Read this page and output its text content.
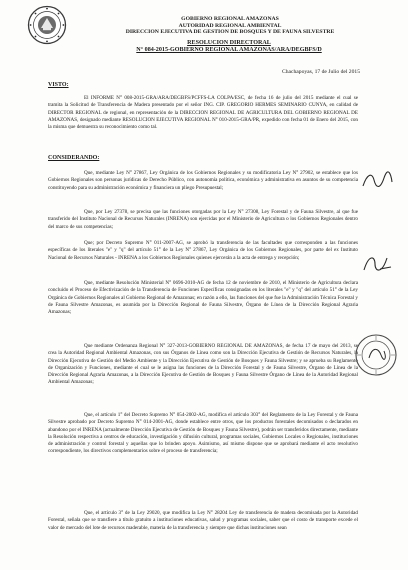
GOBIERNO REGIONAL AMAZONAS
AUTORIDAD REGIONAL AMBIENTAL
DIRECCION EJECUTIVA DE GESTION DE BOSQUES Y DE FAUNA SILVESTRE
RESOLUCION DIRECTORAL
N° 084-2015-GOBIERNO REGIONAL AMAZONAS/ARA/DEGBFS/D
Chachapoyas, 17 de Julio del 2015
VISTO:
El INFORME N° 008-2015-GRA/ARA/DEGBFS/PCFFS-LA COLPA/ESC, de fecha 16 de julio del 2015 mediante el cual se tramita la Solicitud de Transferencia de Madera presentado por el señor ING. CIP. GREGORIO HERMES SEMINARIO CUNYA, en calidad de DIRECTOR REGIONAL de regional, en representación de la DIRECCION REGIONAL DE AGRICULTURA DEL GOBIERNO REGIONAL DE AMAZONAS, designado mediante RESOLUCION EJECUTIVA REGIONAL N° 010-2015-GRA/PR, expedido con fecha 01 de Enero del 2015, con la misma que demuestra su reconocimiento como tal.
CONSIDERANDO:
Que, mediante Ley N° 27867, Ley Orgánica de los Gobiernos Regionales y su modificatoria Ley N° 27902, se establece que los Gobiernos Regionales son personas jurídicas de Derecho Público, con autonomía política, económica y administrativa en asuntos de su competencia constituyendo para su administración económica y financiera un pliego Presupuestal;
Que, por Ley 27378, se precisa que las funciones otorgadas por la Ley N° 27308, Ley Forestal y de Fauna Silvestre, al que fue transferido del Instituto Nacional de Recursos Naturales (INRENA) son ejercidas por el Ministerio de Agricultura o los Gobiernos Regionales dentro del marco de sus competencias;
Que; por Decreto Supremo N° 011-2007-AG, se aprobó la transferencia de las facultades que corresponden a las funciones específicas de los literales "e" y "q" del artículo 51° de la Ley N° 27867, Ley Orgánica de los Gobiernos Regionales, por parte del ex Instituto Nacional de Recursos Naturales - INRENA a los Gobiernos Regionales quienes ejercerán a la acta de entrega y recepción;
Que, mediante Resolución Ministerial N° 0696-2010-AG de fecha 12 de noviembre de 2010, el Ministerio de Agricultura declara concluido el Proceso de Efectivización de la Transferencia de Funciones Específicas consignadas en los literales "e" y "q" del artículo 51° de la Ley Orgánica de Gobiernos Regionales al Gobierno Regional de Amazonas; en razón a ello, las funciones del que fue la Administración Técnica Forestal y de Fauna Silvestre Amazonas, es asumida por la Dirección Regional de Fauna Silvestre, Órgano de Línea de la Dirección Regional Agraria Amazonas;
Que mediante Ordenanza Regional N° 327-2013-GOBIERNO REGIONAL DE AMAZONAS, de fecha 17 de mayo del 2013, se crea la Autoridad Regional Ambiental Amazonas, con sus Órganos de Línea como son la Dirección Ejecutiva de Gestión de Recursos Naturales, la Dirección Ejecutiva de Gestión del Medio Ambiente y la Dirección Ejecutiva de Gestión de Bosques y Fauna Silvestre; y se aprueba su Reglamento de Organización y Funciones, mediante el cual se le asigna las funciones de la Dirección Forestal y de Fauna Silvestre, Órgano de Línea de la Dirección Regional Agraria Amazonas, a la Dirección Ejecutiva de Gestión de Bosques y Fauna Silvestre Órgano de Línea de la Autoridad Regional Ambiental Amazonas;
Que, el artículo 1° del Decreto Supremo N° 054-2002-AG, modifica el artículo 303° del Reglamento de la Ley Forestal y de Fauna Silvestre aprobado por Decreto Supremo N° 014-2001-AG, donde establece entre otros, que los productos forestales decomisados o declarados en abandono por el INRENA (actualmente Dirección Ejecutiva de Gestión de Bosques y Fauna Silvestre), podrán ser transferidos directamente, mediante la Resolución respectiva a centros de educación, investigación y difusión cultural, programas sociales, Gobiernos Locales o Regionales, instituciones de administración y control forestal y aquellas que lo brinden apoyo. Asimismo, así mismo dispone que se aprobará mediante el acto resolutivo correspondiente, los directivos complementarios sobre el proceso de transferencia;
Que, el artículo 3° de la Ley 29020, que modifica la Ley N° 28204 Ley de transferencia de madera decomisada por la Autoridad Forestal, señala que se transfiere a título gratuito a instituciones educativas, salud y programas sociales, saber que el costo de transporte excede el valor de mercado del lote de recursos maderable, materia de la transferencia y siempre que dichas instituciones sean
